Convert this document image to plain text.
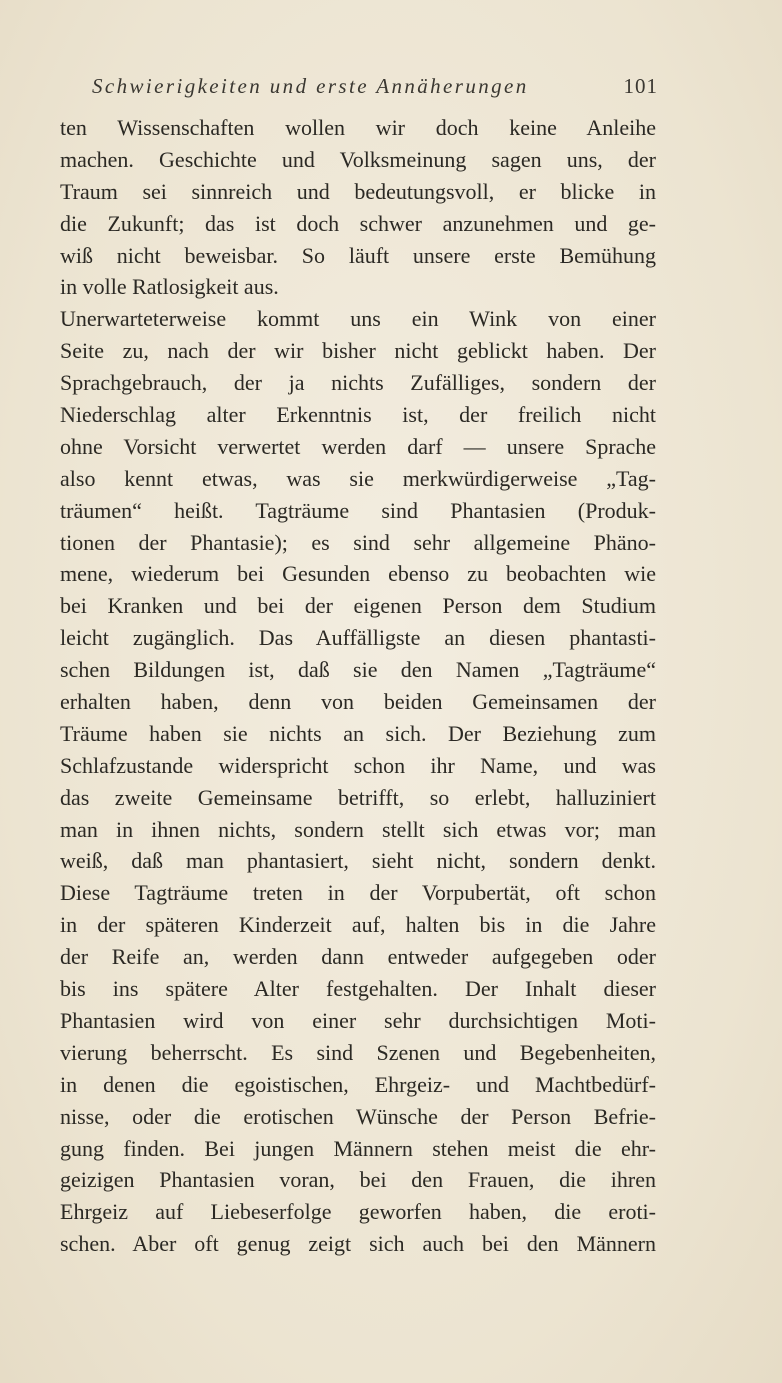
Schwierigkeiten und erste Annäherungen	101
ten Wissenschaften wollen wir doch keine Anleihe
machen. Geschichte und Volksmeinung sagen uns, der
Traum sei sinnreich und bedeutungsvoll, er blicke in
die Zukunft; das ist doch schwer anzunehmen und ge-
wiß nicht beweisbar. So läuft unsere erste Bemühung
in volle Ratlosigkeit aus.
Unerwarteterweise kommt uns ein Wink von einer
Seite zu, nach der wir bisher nicht geblickt haben. Der
Sprachgebrauch, der ja nichts Zufälliges, sondern der
Niederschlag alter Erkenntnis ist, der freilich nicht
ohne Vorsicht verwertet werden darf — unsere Sprache
also kennt etwas, was sie merkwürdigerweise „Tag-
träumen“ heißt. Tagträume sind Phantasien (Produk-
tionen der Phantasie); es sind sehr allgemeine Phäno-
mene, wiederum bei Gesunden ebenso zu beobachten wie
bei Kranken und bei der eigenen Person dem Studium
leicht zugänglich. Das Auffälligste an diesen phantasti-
schen Bildungen ist, daß sie den Namen „Tagträume“
erhalten haben, denn von beiden Gemeinsamen der
Träume haben sie nichts an sich. Der Beziehung zum
Schlafzustande widerspricht schon ihr Name, und was
das zweite Gemeinsame betrifft, so erlebt, halluziniert
man in ihnen nichts, sondern stellt sich etwas vor; man
weiß, daß man phantasiert, sieht nicht, sondern denkt.
Diese Tagträume treten in der Vorpubertät, oft schon
in der späteren Kinderzeit auf, halten bis in die Jahre
der Reife an, werden dann entweder aufgegeben oder
bis ins spätere Alter festgehalten. Der Inhalt dieser
Phantasien wird von einer sehr durchsichtigen Moti-
vierung beherrscht. Es sind Szenen und Begebenheiten,
in denen die egoistischen, Ehrgeiz- und Machtbedürf-
nisse, oder die erotischen Wünsche der Person Befrie-
gung finden. Bei jungen Männern stehen meist die ehr-
geizigen Phantasien voran, bei den Frauen, die ihren
Ehrgeiz auf Liebeserfolge geworfen haben, die eroti-
schen. Aber oft genug zeigt sich auch bei den Männern
